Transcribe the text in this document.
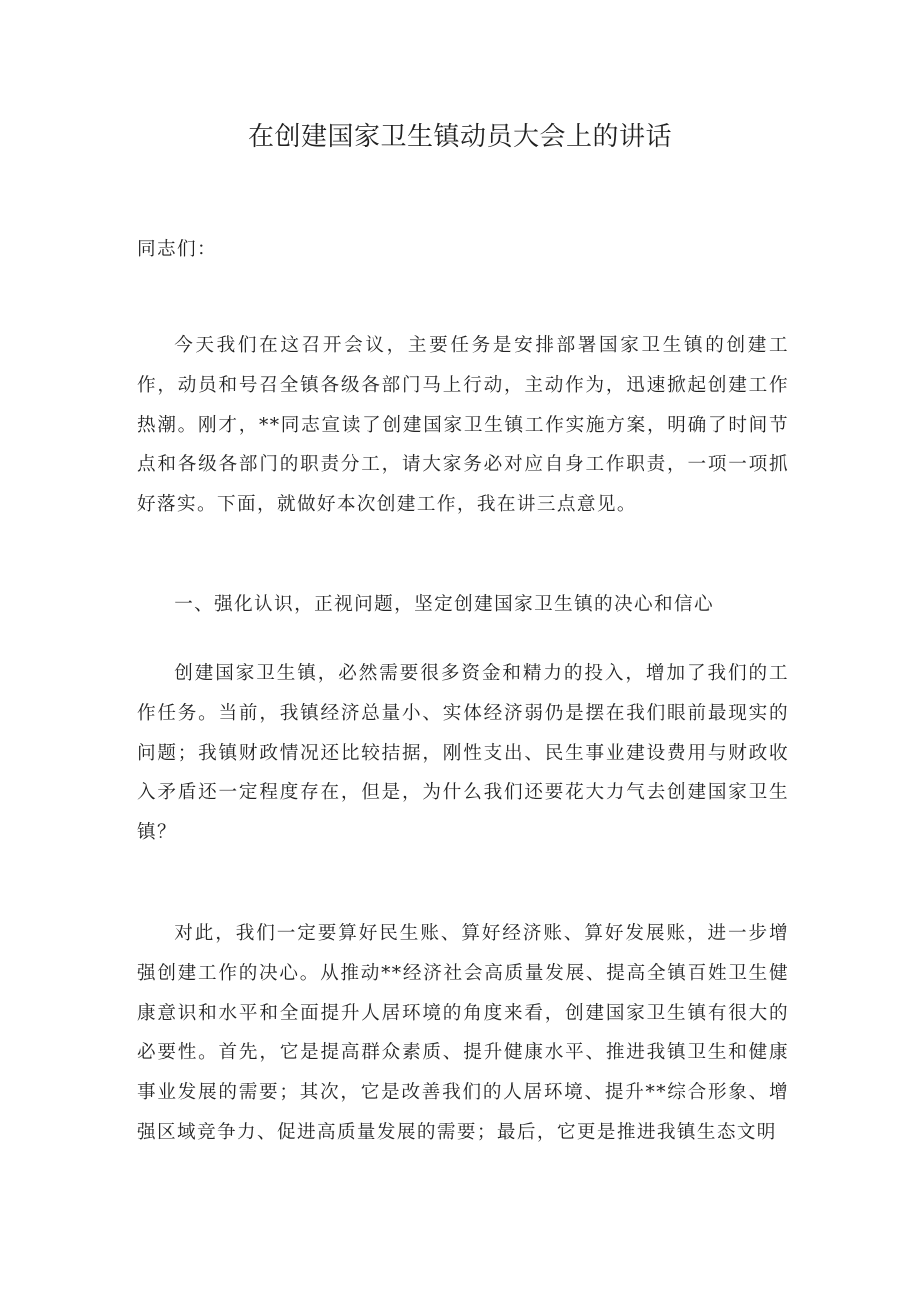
在创建国家卫生镇动员大会上的讲话

同志们：

今天我们在这召开会议，主要任务是安排部署国家卫生镇的创建工作，动员和号召全镇各级各部门马上行动，主动作为，迅速掀起创建工作热潮。刚才，**同志宣读了创建国家卫生镇工作实施方案，明确了时间节点和各级各部门的职责分工，请大家务必对应自身工作职责，一项一项抓好落实。下面，就做好本次创建工作，我在讲三点意见。

一、强化认识，正视问题，坚定创建国家卫生镇的决心和信心

创建国家卫生镇，必然需要很多资金和精力的投入，增加了我们的工作任务。当前，我镇经济总量小、实体经济弱仍是摆在我们眼前最现实的问题；我镇财政情况还比较拮据，刚性支出、民生事业建设费用与财政收入矛盾还一定程度存在，但是，为什么我们还要花大力气去创建国家卫生镇？

对此，我们一定要算好民生账、算好经济账、算好发展账，进一步增强创建工作的决心。从推动**经济社会高质量发展、提高全镇百姓卫生健康意识和水平和全面提升人居环境的角度来看，创建国家卫生镇有很大的必要性。首先，它是提高群众素质、提升健康水平、推进我镇卫生和健康事业发展的需要；其次，它是改善我们的人居环境、提升**综合形象、增强区域竞争力、促进高质量发展的需要；最后，它更是推进我镇生态文明
